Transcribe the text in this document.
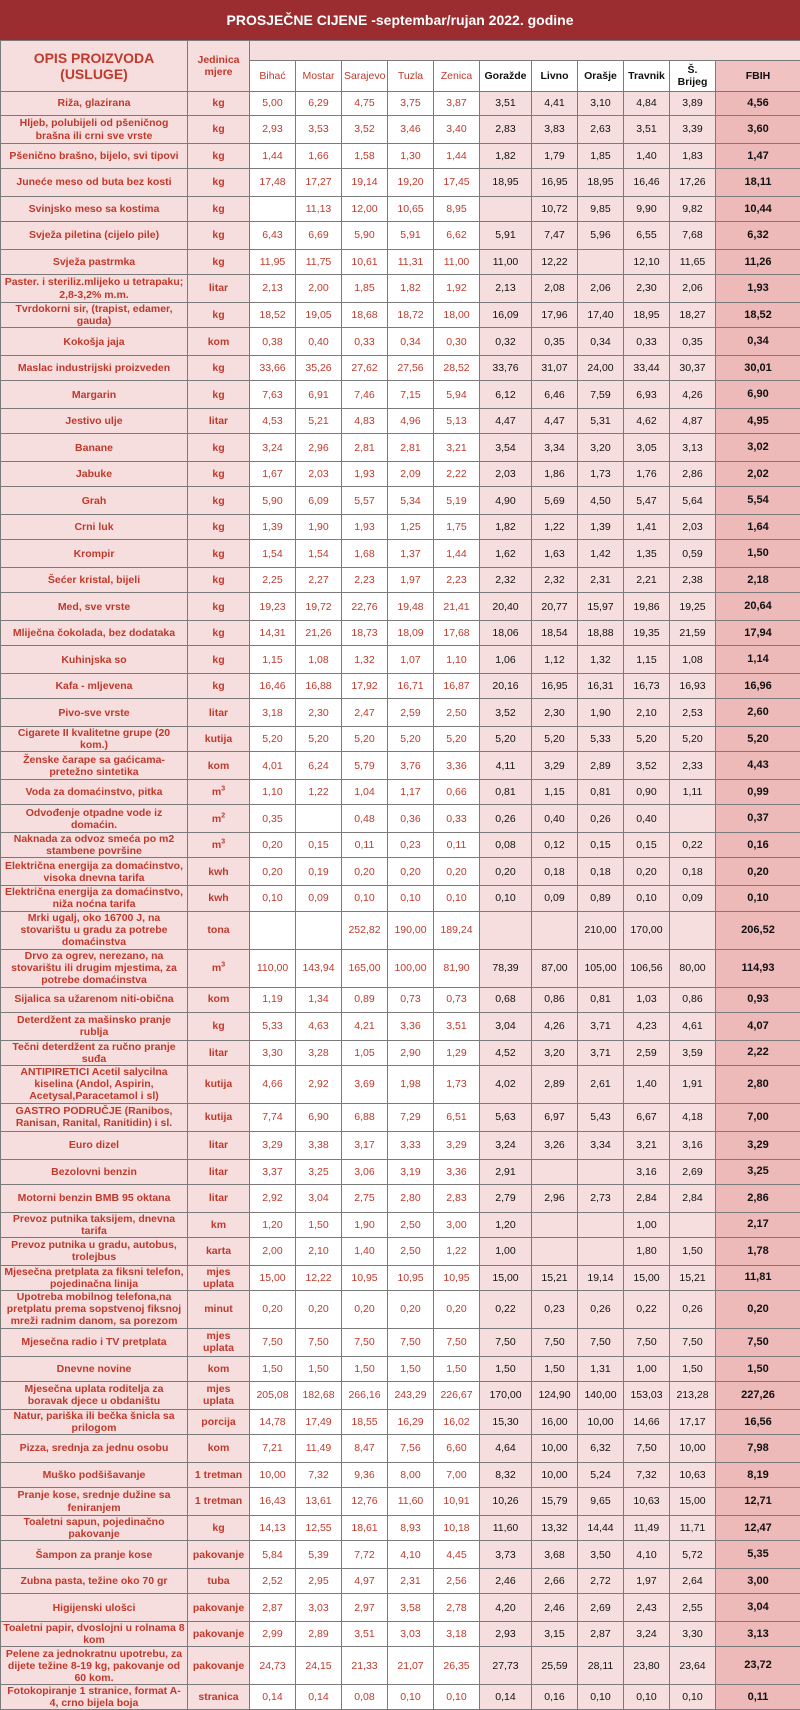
PROSJEČNE CIJENE -septembar/rujan 2022. godine
OPIS PROIZVODA (USLUGE)	Jedinica mjere											
		Bihać	Mostar	Sarajevo	Tuzla	Zenica	Goražde	Livno	Orašje	Travnik	Š. Brijeg	FBIH
Riža, glazirana	kg	5,00	6,29	4,75	3,75	3,87	3,51	4,41	3,10	4,84	3,89	4,56
Hljeb, polubijeli od pšeničnog brašna ili crni sve vrste	kg	2,93	3,53	3,52	3,46	3,40	2,83	3,83	2,63	3,51	3,39	3,60
Pšenično brašno, bijelo, svi tipovi	kg	1,44	1,66	1,58	1,30	1,44	1,82	1,79	1,85	1,40	1,83	1,47
Juneće meso od buta bez kosti	kg	17,48	17,27	19,14	19,20	17,45	18,95	16,95	18,95	16,46	17,26	18,11
Svinjsko meso sa kostima	kg		11,13	12,00	10,65	8,95		10,72	9,85	9,90	9,82	10,44
Svježa piletina (cijelo pile)	kg	6,43	6,69	5,90	5,91	6,62	5,91	7,47	5,96	6,55	7,68	6,32
Svježa pastrmka	kg	11,95	11,75	10,61	11,31	11,00	11,00	12,22		12,10	11,65	11,26
Paster. i steriliz.mlijeko u tetrapaku; 2,8-3,2% m.m.	litar	2,13	2,00	1,85	1,82	1,92	2,13	2,08	2,06	2,30	2,06	1,93
Tvrdokorni sir, (trapist, edamer, gauda)	kg	18,52	19,05	18,68	18,72	18,00	16,09	17,96	17,40	18,95	18,27	18,52
Kokošja jaja	kom	0,38	0,40	0,33	0,34	0,30	0,32	0,35	0,34	0,33	0,35	0,34
Maslac industrijski proizveden	kg	33,66	35,26	27,62	27,56	28,52	33,76	31,07	24,00	33,44	30,37	30,01
Margarin	kg	7,63	6,91	7,46	7,15	5,94	6,12	6,46	7,59	6,93	4,26	6,90
Jestivo ulje	litar	4,53	5,21	4,83	4,96	5,13	4,47	4,47	5,31	4,62	4,87	4,95
Banane	kg	3,24	2,96	2,81	2,81	3,21	3,54	3,34	3,20	3,05	3,13	3,02
Jabuke	kg	1,67	2,03	1,93	2,09	2,22	2,03	1,86	1,73	1,76	2,86	2,02
Grah	kg	5,90	6,09	5,57	5,34	5,19	4,90	5,69	4,50	5,47	5,64	5,54
Crni luk	kg	1,39	1,90	1,93	1,25	1,75	1,82	1,22	1,39	1,41	2,03	1,64
Krompir	kg	1,54	1,54	1,68	1,37	1,44	1,62	1,63	1,42	1,35	0,59	1,50
Šećer kristal, bijeli	kg	2,25	2,27	2,23	1,97	2,23	2,32	2,32	2,31	2,21	2,38	2,18
Med, sve vrste	kg	19,23	19,72	22,76	19,48	21,41	20,40	20,77	15,97	19,86	19,25	20,64
Mliječna čokolada, bez dodataka	kg	14,31	21,26	18,73	18,09	17,68	18,06	18,54	18,88	19,35	21,59	17,94
Kuhinjska so	kg	1,15	1,08	1,32	1,07	1,10	1,06	1,12	1,32	1,15	1,08	1,14
Kafa - mljevena	kg	16,46	16,88	17,92	16,71	16,87	20,16	16,95	16,31	16,73	16,93	16,96
Pivo-sve vrste	litar	3,18	2,30	2,47	2,59	2,50	3,52	2,30	1,90	2,10	2,53	2,60
Cigarete II kvalitetne grupe (20 kom.)	kutija	5,20	5,20	5,20	5,20	5,20	5,20	5,20	5,33	5,20	5,20	5,20
Ženske čarape sa gaćicama- pretežno sintetika	kom	4,01	6,24	5,79	3,76	3,36	4,11	3,29	2,89	3,52	2,33	4,43
Voda za domaćinstvo, pitka	$m^3$	1,10	1,22	1,04	1,17	0,66	0,81	1,15	0,81	0,90	1,11	0,99
Odvođenje otpadne vode iz domaćin.	$m^2$	0,35		0,48	0,36	0,33	0,26	0,40	0,26	0,40		0,37
Naknada za odvoz smeća po m2 stambene površine	$m^3$	0,20	0,15	0,11	0,23	0,11	0,08	0,12	0,15	0,15	0,22	0,16
Električna energija za domaćinstvo, visoka dnevna tarifa	kwh	0,20	0,19	0,20	0,20	0,20	0,20	0,18	0,18	0,20	0,18	0,20
Električna energija za domaćinstvo, niža noćna tarifa	kwh	0,10	0,09	0,10	0,10	0,10	0,10	0,09	0,89	0,10	0,09	0,10
Mrki ugalj, oko 16700 J, na stovarištu u gradu za potrebe domaćinstva	tona			252,82	190,00	189,24			210,00	170,00		206,52
Drvo za ogrev, nerezano, na stovarištu ili drugim mjestima, za potrebe domaćinstva	$m^3$	110,00	143,94	165,00	100,00	81,90	78,39	87,00	105,00	106,56	80,00	114,93
Sijalica sa užarenom niti-obična	kom	1,19	1,34	0,89	0,73	0,73	0,68	0,86	0,81	1,03	0,86	0,93
Deterdžent za mašinsko pranje rublja	kg	5,33	4,63	4,21	3,36	3,51	3,04	4,26	3,71	4,23	4,61	4,07
Tečni deterdžent za ručno pranje suđa	litar	3,30	3,28	1,05	2,90	1,29	4,52	3,20	3,71	2,59	3,59	2,22
ANTIPIRETICI Acetil salycilna kiselina (Andol, Aspirin, Acetysal,Paracetamol i sl)	kutija	4,66	2,92	3,69	1,98	1,73	4,02	2,89	2,61	1,40	1,91	2,80
GASTRO PODRUČJE (Ranibos, Ranisan, Ranital, Ranitidin) i sl.	kutija	7,74	6,90	6,88	7,29	6,51	5,63	6,97	5,43	6,67	4,18	7,00
Euro dizel	litar	3,29	3,38	3,17	3,33	3,29	3,24	3,26	3,34	3,21	3,16	3,29
Bezolovni benzin	litar	3,37	3,25	3,06	3,19	3,36	2,91			3,16	2,69	3,25
Motorni benzin BMB 95 oktana	litar	2,92	3,04	2,75	2,80	2,83	2,79	2,96	2,73	2,84	2,84	2,86
Prevoz putnika taksijem, dnevna tarifa	km	1,20	1,50	1,90	2,50	3,00	1,20			1,00		2,17
Prevoz putnika u gradu, autobus, trolejbus	karta	2,00	2,10	1,40	2,50	1,22	1,00			1,80	1,50	1,78
Mjesečna pretplata za fiksni telefon, pojedinačna linija	mjes uplata	15,00	12,22	10,95	10,95	10,95	15,00	15,21	19,14	15,00	15,21	11,81
Upotreba mobilnog telefona,na pretplatu prema sopstvenoj fiksnoj mreži radnim danom, sa porezom	minut	0,20	0,20	0,20	0,20	0,20	0,22	0,23	0,26	0,22	0,26	0,20
Mjesečna radio i TV pretplata	mjes uplata	7,50	7,50	7,50	7,50	7,50	7,50	7,50	7,50	7,50	7,50	7,50
Dnevne novine	kom	1,50	1,50	1,50	1,50	1,50	1,50	1,50	1,31	1,00	1,50	1,50
Mjesečna uplata roditelja za boravak djece u obdaništu	mjes uplata	205,08	182,68	266,16	243,29	226,67	170,00	124,90	140,00	153,03	213,28	227,26
Natur, pariška ili bečka šnicla sa prilogom	porcija	14,78	17,49	18,55	16,29	16,02	15,30	16,00	10,00	14,66	17,17	16,56
Pizza, srednja za jednu osobu	kom	7,21	11,49	8,47	7,56	6,60	4,64	10,00	6,32	7,50	10,00	7,98
Muško podšišavanje	1 tretman	10,00	7,32	9,36	8,00	7,00	8,32	10,00	5,24	7,32	10,63	8,19
Pranje kose, srednje dužine sa feniranjem	1 tretman	16,43	13,61	12,76	11,60	10,91	10,26	15,79	9,65	10,63	15,00	12,71
Toaletni sapun, pojedinačno pakovanje	kg	14,13	12,55	18,61	8,93	10,18	11,60	13,32	14,44	11,49	11,71	12,47
Šampon za pranje kose	pakovanje	5,84	5,39	7,72	4,10	4,45	3,73	3,68	3,50	4,10	5,72	5,35
Zubna pasta, težine oko 70 gr	tuba	2,52	2,95	4,97	2,31	2,56	2,46	2,66	2,72	1,97	2,64	3,00
Higijenski ulošci	pakovanje	2,87	3,03	2,97	3,58	2,78	4,20	2,46	2,69	2,43	2,55	3,04
Toaletni papir, dvoslojni u rolnama 8 kom	pakovanje	2,99	2,89	3,51	3,03	3,18	2,93	3,15	2,87	3,24	3,30	3,13
Pelene za jednokratnu upotrebu, za dijete težine 8-19 kg, pakovanje od 60 kom.	pakovanje	24,73	24,15	21,33	21,07	26,35	27,73	25,59	28,11	23,80	23,64	23,72
Fotokopiranje 1 stranice, format A-4, crno bijela boja	stranica	0,14	0,14	0,08	0,10	0,10	0,14	0,16	0,10	0,10	0,10	0,11
